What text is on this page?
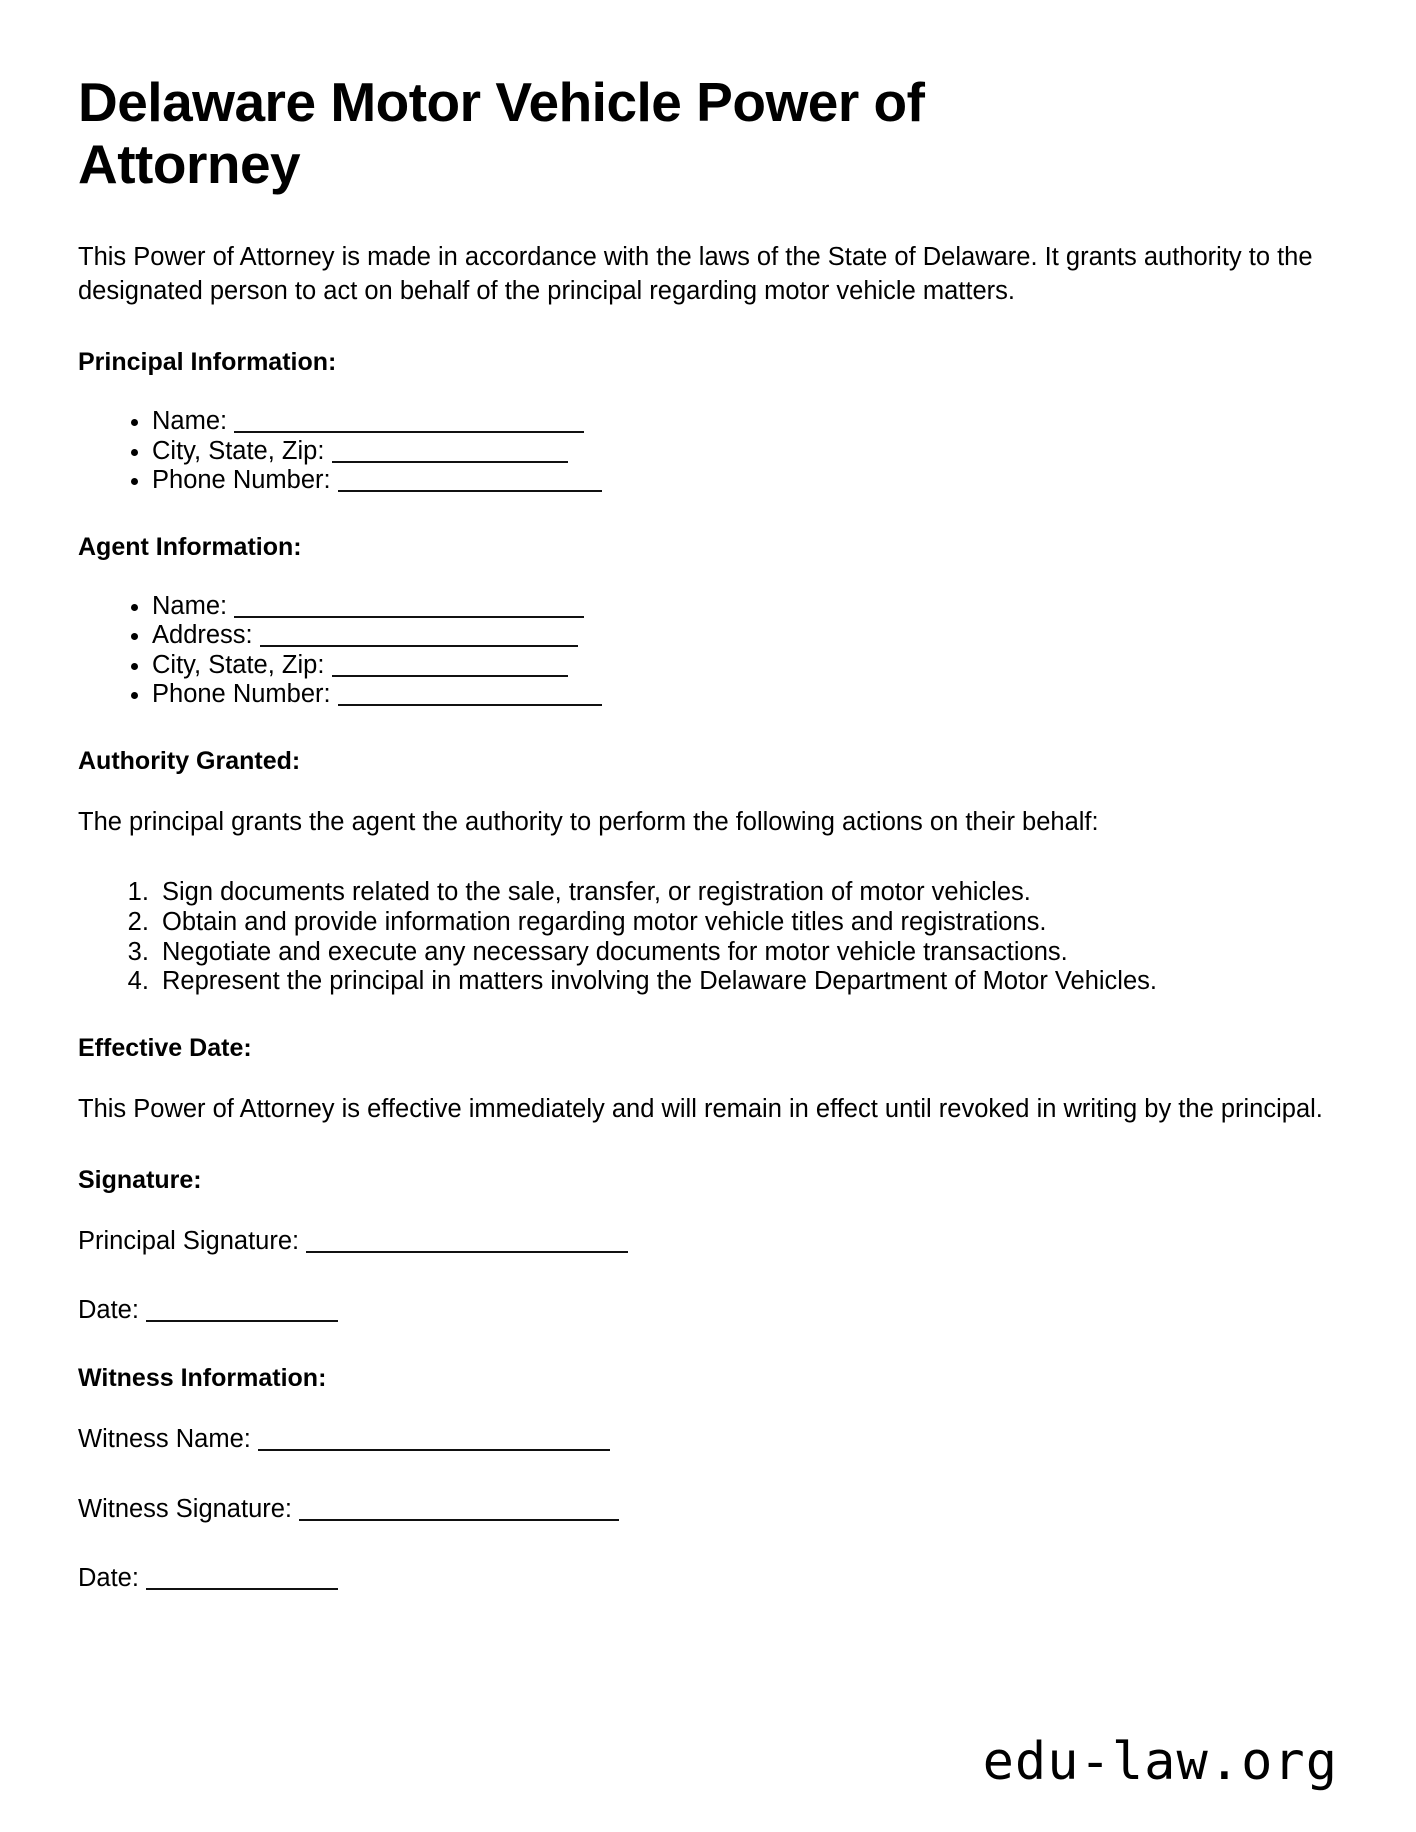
Delaware Motor Vehicle Power of Attorney

This Power of Attorney is made in accordance with the laws of the State of Delaware. It grants authority to the designated person to act on behalf of the principal regarding motor vehicle matters.

Principal Information:
• Name:
• City, State, Zip:
• Phone Number:
Agent Information:
• Name:
• Address:
• City, State, Zip:
• Phone Number:
Authority Granted:

The principal grants the agent the authority to perform the following actions on their behalf:

1. Sign documents related to the sale, transfer, or registration of motor vehicles.
2. Obtain and provide information regarding motor vehicle titles and registrations.
3. Negotiate and execute any necessary documents for motor vehicle transactions.
4. Represent the principal in matters involving the Delaware Department of Motor Vehicles.
Effective Date:

This Power of Attorney is effective immediately and will remain in effect until revoked in writing by the principal.

Signature:
Principal Signature:
Date:
Witness Information:
Witness Name:
Witness Signature:
Date:
edu-law.org
